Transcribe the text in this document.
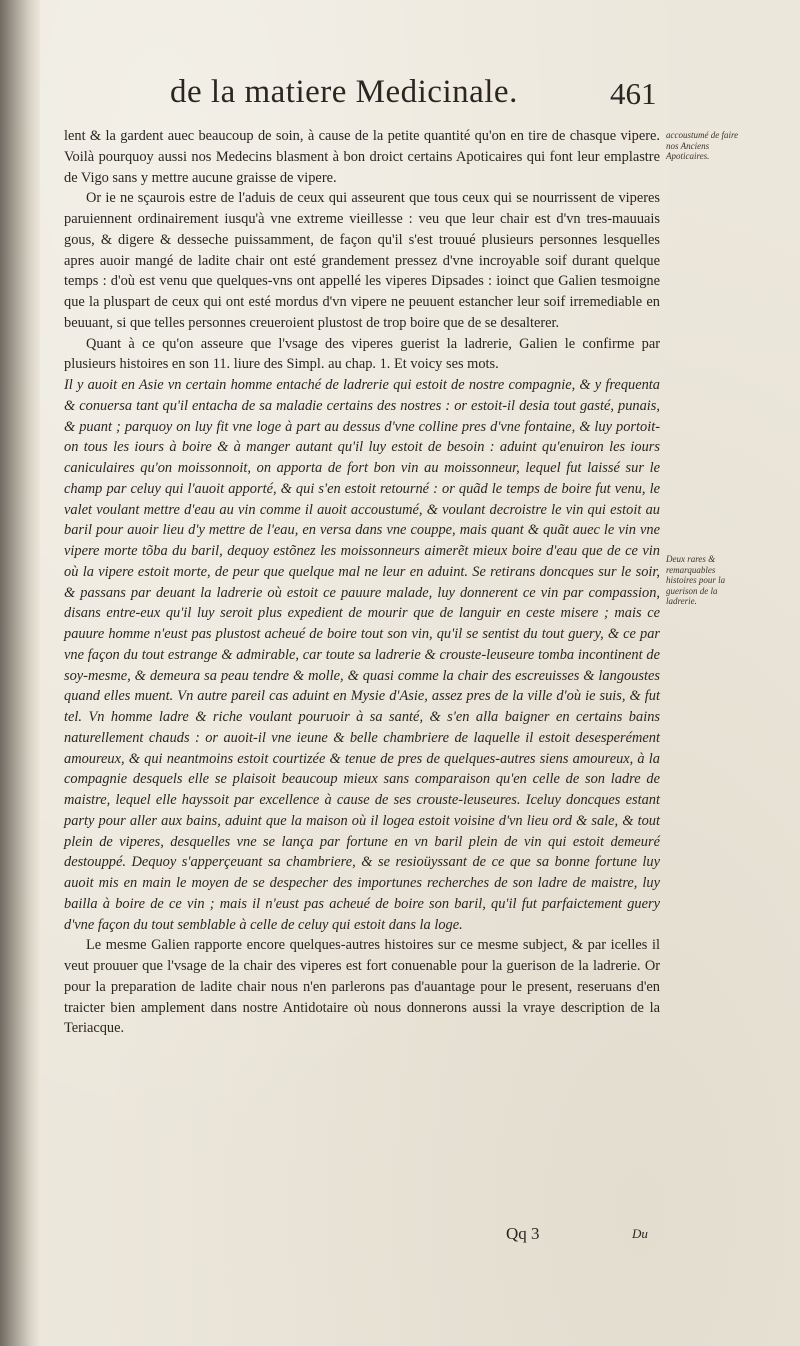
de la matiere Medicinale.	461

lent & la gardent auec beaucoup de soin, à cause de la petite quantité qu'on en tire de chasque vipere. Voilà pourquoy aussi nos Medecins blasment à bon droict certains Apoticaires qui font leur emplastre de Vigo sans y mettre aucune graisse de vipere.

Or ie ne sçaurois estre de l'aduis de ceux qui asseurent que tous ceux qui se nourrissent de viperes paruiennent ordinairement iusqu'à vne extreme vieillesse : veu que leur chair est d'vn tres-mauuais gous, & digere & desseche puissamment, de façon qu'il s'est trouué plusieurs personnes lesquelles apres auoir mangé de ladite chair ont esté grandement pressez d'vne incroyable soif durant quelque temps : d'où est venu que quelques-vns ont appellé les viperes Dipsades : ioinct que Galien tesmoigne que la pluspart de ceux qui ont esté mordus d'vn vipere ne peuuent estancher leur soif irremediable en beuuant, si que telles personnes creueroient plustost de trop boire que de se desalterer.

Quant à ce qu'on asseure que l'vsage des viperes guerist la ladrerie, Galien le confirme par plusieurs histoires en son 11. liure des Simpl. au chap. 1. Et voicy ses mots.

Il y auoit en Asie vn certain homme entaché de ladrerie qui estoit de nostre compagnie, & y frequenta & conuersa tant qu'il entacha de sa maladie certains des nostres : or estoit-il desia tout gasté, punais, & puant ; parquoy on luy fit vne loge à part au dessus d'vne colline pres d'vne fontaine, & luy portoit-on tous les iours à boire & à manger autant qu'il luy estoit de besoin : aduint qu'enuiron les iours caniculaires qu'on moissonnoit, on apporta de fort bon vin au moissonneur, lequel fut laissé sur le champ par celuy qui l'auoit apporté, & qui s'en estoit retourné : or quãd le temps de boire fut venu, le valet voulant mettre d'eau au vin comme il auoit accoustumé, & voulant decroistre le vin qui estoit au baril pour auoir lieu d'y mettre de l'eau, en versa dans vne couppe, mais quant & quãt auec le vin vne vipere morte tõba du baril, dequoy estõnez les moissonneurs aimerẽt mieux boire d'eau que de ce vin où la vipere estoit morte, de peur que quelque mal ne leur en aduint. Se retirans doncques sur le soir, & passans par deuant la ladrerie où estoit ce pauure malade, luy donnerent ce vin par compassion, disans entre-eux qu'il luy seroit plus expedient de mourir que de languir en ceste misere ; mais ce pauure homme n'eust pas plustost acheué de boire tout son vin, qu'il se sentist du tout guery, & ce par vne façon du tout estrange & admirable, car toute sa ladrerie & crouste-leuseure tomba incontinent de soy-mesme, & demeura sa peau tendre & molle, & quasi comme la chair des escreuisses & langoustes quand elles muent. Vn autre pareil cas aduint en Mysie d'Asie, assez pres de la ville d'où ie suis, & fut tel. Vn homme ladre & riche voulant pouruoir à sa santé, & s'en alla baigner en certains bains naturellement chauds : or auoit-il vne ieune & belle chambriere de laquelle il estoit desesperément amoureux, & qui neantmoins estoit courtizée & tenue de pres de quelques-autres siens amoureux, à la compagnie desquels elle se plaisoit beaucoup mieux sans comparaison qu'en celle de son ladre de maistre, lequel elle hayssoit par excellence à cause de ses crouste-leuseures. Iceluy doncques estant party pour aller aux bains, aduint que la maison où il logea estoit voisine d'vn lieu ord & sale, & tout plein de viperes, desquelles vne se lança par fortune en vn baril plein de vin qui estoit demeuré destouppé. Dequoy s'apperçeuant sa chambriere, & se resioüyssant de ce que sa bonne fortune luy auoit mis en main le moyen de se despecher des importunes recherches de son ladre de maistre, luy bailla à boire de ce vin ; mais il n'eust pas acheué de boire son baril, qu'il fut parfaictement guery d'vne façon du tout semblable à celle de celuy qui estoit dans la loge.

Le mesme Galien rapporte encore quelques-autres histoires sur ce mesme subject, & par icelles il veut prouuer que l'vsage de la chair des viperes est fort conuenable pour la guerison de la ladrerie. Or pour la preparation de ladite chair nous n'en parlerons pas d'auantage pour le present, reseruans d'en traicter bien amplement dans nostre Antidotaire où nous donnerons aussi la vraye description de la Teriacque.

accoustumé de faire nos Anciens Apoticaires.
Deux rares & remarquables histoires pour la guerison de la ladrerie.
Qq 3	Du
